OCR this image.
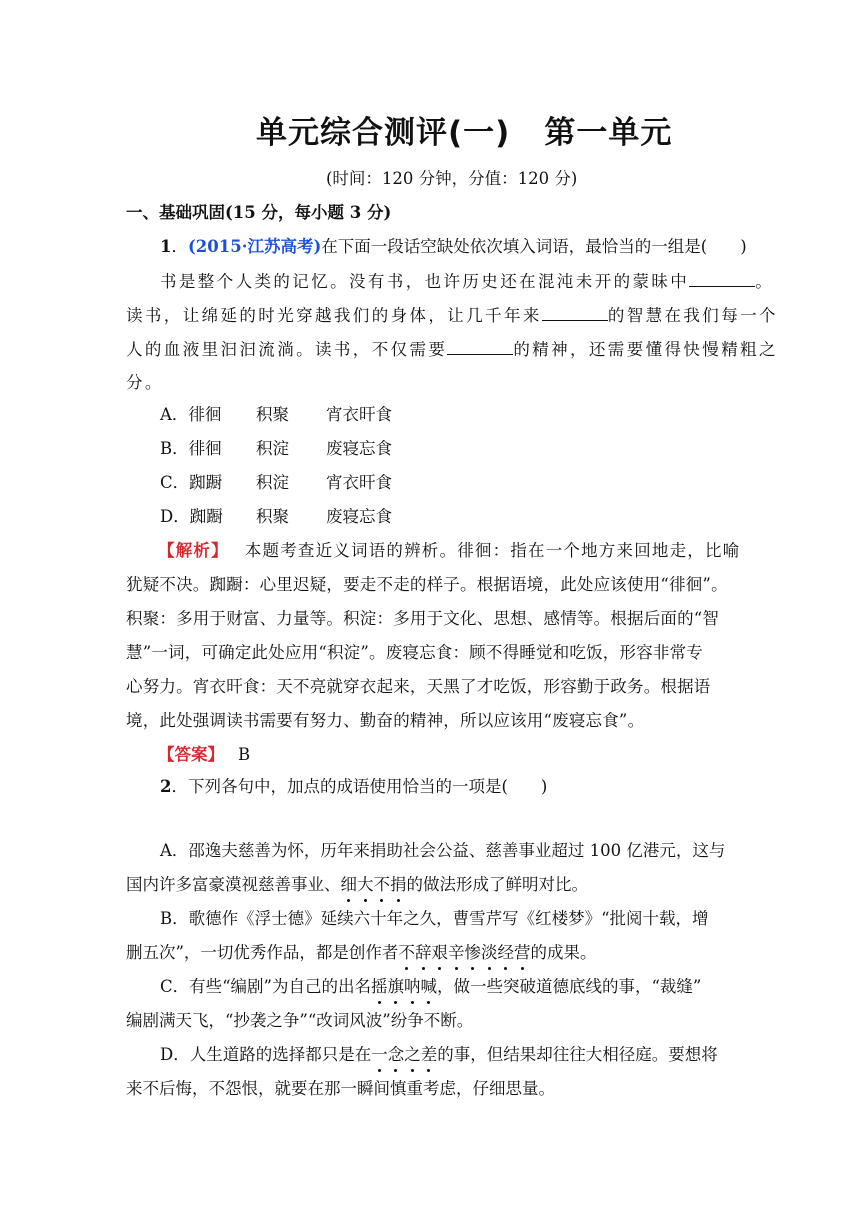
单元综合测评(一) 第一单元
(时间：120 分钟，分值：120 分)
一、基础巩固(15 分，每小题 3 分)
1．(2015·江苏高考)在下面一段话空缺处依次填入词语，最恰当的一组是(　　)
书是整个人类的记忆。没有书，也许历史还在混沌未开的蒙昧中	。
读书，让绵延的时光穿越我们的身体，让几千年来	的智慧在我们每一个
人的血液里汩汩流淌。读书，不仅需要	的精神，还需要懂得快慢精粗之
分。
A．徘徊 积聚 宵衣旰食
B．徘徊 积淀 废寝忘食
C．踟蹰 积淀 宵衣旰食
D．踟蹰 积聚 废寝忘食
【解析】 本题考查近义词语的辨析。徘徊：指在一个地方来回地走，比喻
犹疑不决。踟蹰：心里迟疑，要走不走的样子。根据语境，此处应该使用“徘徊”。
积聚：多用于财富、力量等。积淀：多用于文化、思想、感情等。根据后面的“智
慧”一词，可确定此处应用“积淀”。废寝忘食：顾不得睡觉和吃饭，形容非常专
心努力。宵衣旰食：天不亮就穿衣起来，天黑了才吃饭，形容勤于政务。根据语
境，此处强调读书需要有努力、勤奋的精神，所以应该用“废寝忘食”。
【答案】 B
2．下列各句中，加点的成语使用恰当的一项是(　　)
A．邵逸夫慈善为怀，历年来捐助社会公益、慈善事业超过 100 亿港元，这与
国内许多富豪漠视慈善事业、细大不捐的做法形成了鲜明对比。
B．歌德作《浮士德》延续六十年之久，曹雪芹写《红楼梦》“批阅十载，增
删五次”，一切优秀作品，都是创作者不辞艰辛惨淡经营的成果。
C．有些“编剧”为自己的出名摇旗呐喊，做一些突破道德底线的事，“裁缝”
编剧满天飞，“抄袭之争”“改词风波”纷争不断。
D．人生道路的选择都只是在一念之差的事，但结果却往往大相径庭。要想将
来不后悔，不怨恨，就要在那一瞬间慎重考虑，仔细思量。
